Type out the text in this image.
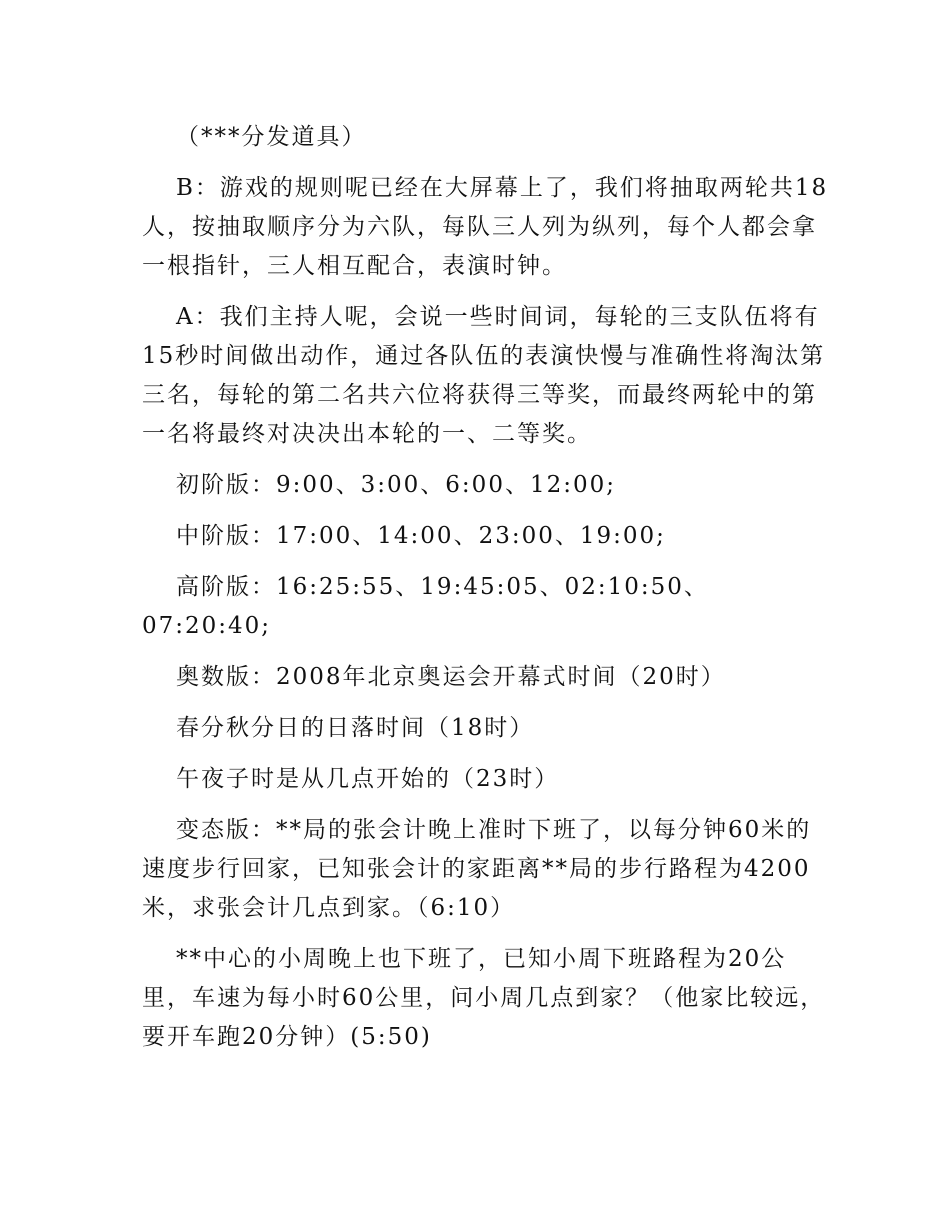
（***分发道具）

B：游戏的规则呢已经在大屏幕上了，我们将抽取两轮共18人，按抽取顺序分为六队，每队三人列为纵列，每个人都会拿一根指针，三人相互配合，表演时钟。

A：我们主持人呢，会说一些时间词，每轮的三支队伍将有15秒时间做出动作，通过各队伍的表演快慢与准确性将淘汰第三名，每轮的第二名共六位将获得三等奖，而最终两轮中的第一名将最终对决决出本轮的一、二等奖。

初阶版：9:00、3:00、6:00、12:00;

中阶版：17:00、14:00、23:00、19:00;

高阶版：16:25:55、19:45:05、02:10:50、07:20:40;

奥数版：2008年北京奥运会开幕式时间（20时）

春分秋分日的日落时间（18时）

午夜子时是从几点开始的（23时）

变态版：**局的张会计晚上准时下班了，以每分钟60米的速度步行回家，已知张会计的家距离**局的步行路程为4200米，求张会计几点到家。（6:10）

**中心的小周晚上也下班了，已知小周下班路程为20公里，车速为每小时60公里，问小周几点到家？（他家比较远，要开车跑20分钟）(5:50)
